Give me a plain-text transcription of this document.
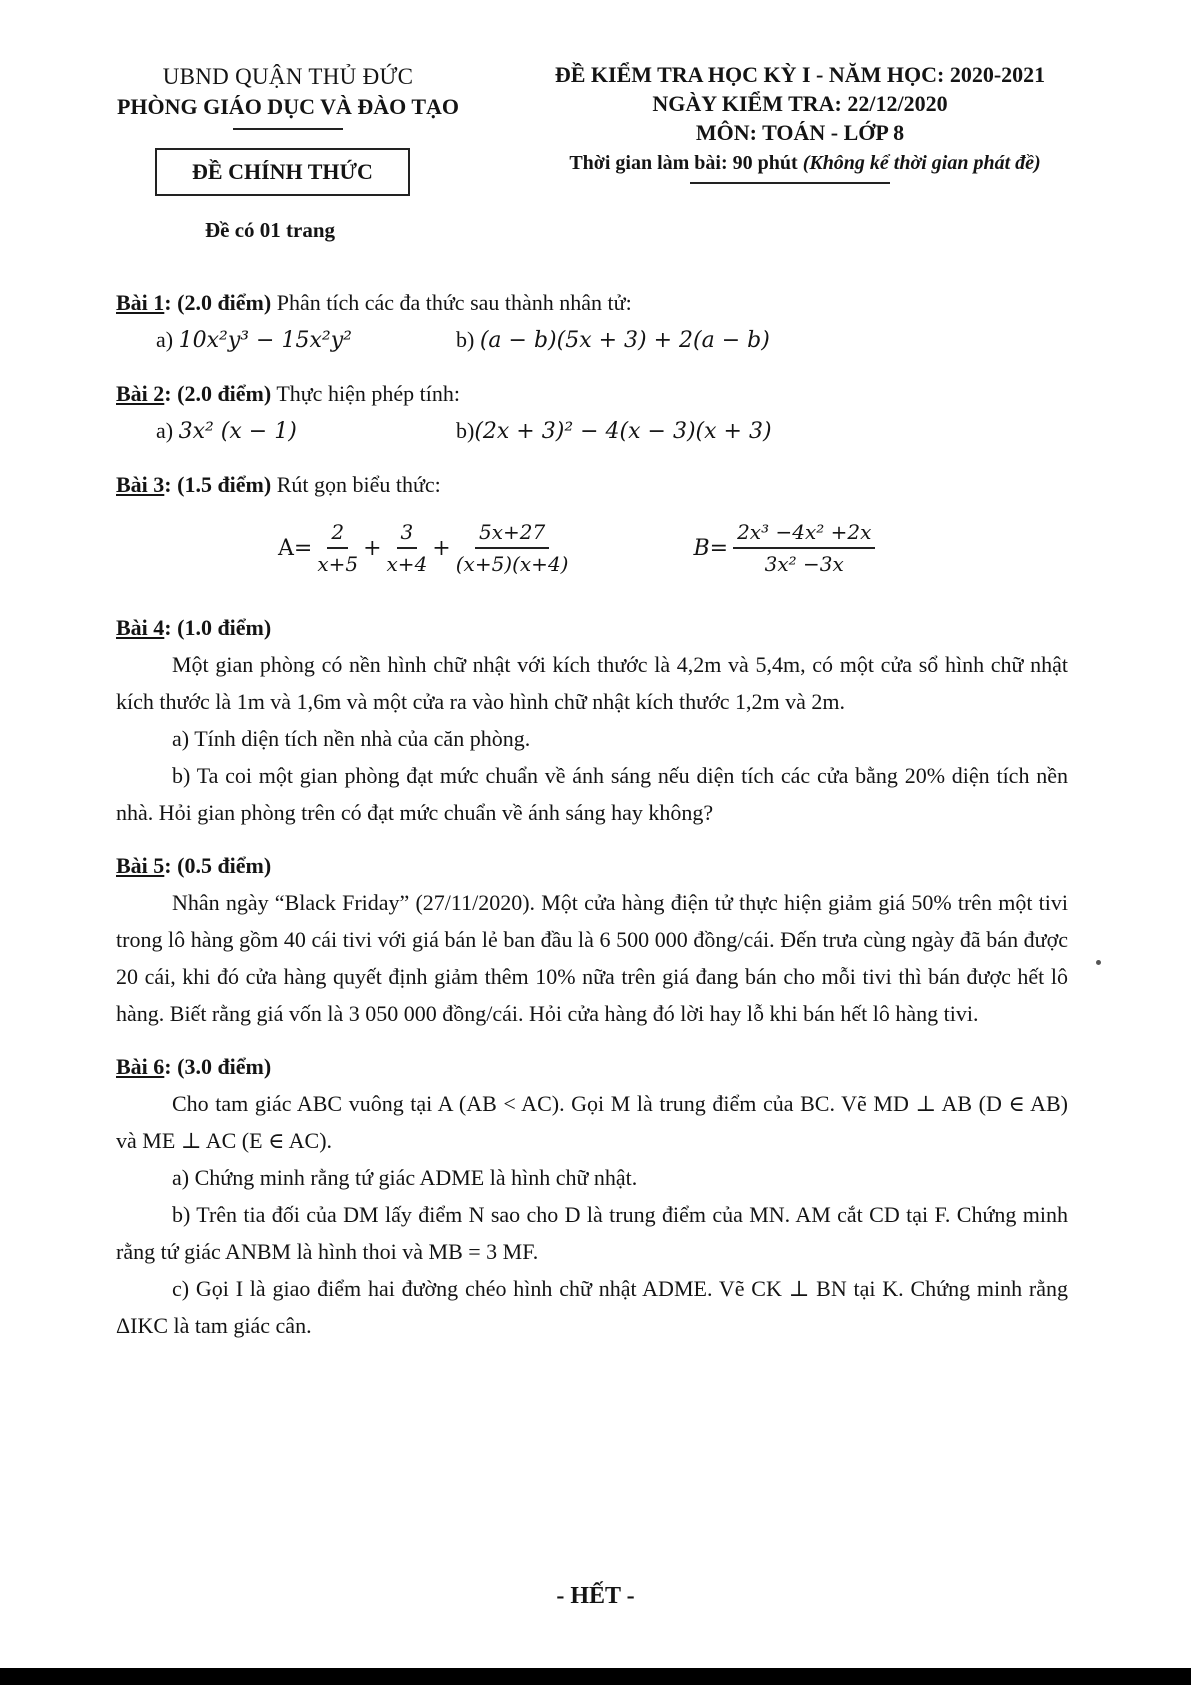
UBND QUẬN THỦ ĐỨC
PHÒNG GIÁO DỤC VÀ ĐÀO TẠO
ĐỀ CHÍNH THỨC
Đề có 01 trang
ĐỀ KIỂM TRA HỌC KỲ I - NĂM HỌC: 2020-2021
NGÀY KIỂM TRA: 22/12/2020
MÔN: TOÁN - LỚP 8
Thời gian làm bài: 90 phút (Không kể thời gian phát đề)
Bài 1: (2.0 điểm) Phân tích các đa thức sau thành nhân tử:
a) 10x²y³ − 15x²y²	b) (a − b)(5x + 3) + 2(a − b)
Bài 2: (2.0 điểm) Thực hiện phép tính:
a) 3x² (x − 1)	b)(2x + 3)² − 4(x − 3)(x + 3)
Bài 3: (1.5 điểm) Rút gọn biểu thức:
$A= \frac{2}{x+5} + \frac{3}{x+4} + \frac{5x+27}{(x+5)(x+4)}$	$B= \frac{\text{2x³ −4x² +2x}}{\text{3x² −3x}}$
Bài 4: (1.0 điểm)
Một gian phòng có nền hình chữ nhật với kích thước là 4,2m và 5,4m, có một cửa sổ hình chữ nhật kích thước là 1m và 1,6m và một cửa ra vào hình chữ nhật kích thước 1,2m và 2m.
a) Tính diện tích nền nhà của căn phòng.
b) Ta coi một gian phòng đạt mức chuẩn về ánh sáng nếu diện tích các cửa bằng 20% diện tích nền nhà. Hỏi gian phòng trên có đạt mức chuẩn về ánh sáng hay không?
Bài 5: (0.5 điểm)
Nhân ngày “Black Friday” (27/11/2020). Một cửa hàng điện tử thực hiện giảm giá 50% trên một tivi trong lô hàng gồm 40 cái tivi với giá bán lẻ ban đầu là 6 500 000 đồng/cái. Đến trưa cùng ngày đã bán được 20 cái, khi đó cửa hàng quyết định giảm thêm 10% nữa trên giá đang bán cho mỗi tivi thì bán được hết lô hàng. Biết rằng giá vốn là 3 050 000 đồng/cái. Hỏi cửa hàng đó lời hay lỗ khi bán hết lô hàng tivi.
Bài 6: (3.0 điểm)
Cho tam giác ABC vuông tại A (AB < AC). Gọi M là trung điểm của BC. Vẽ MD ⊥ AB (D ∈ AB) và ME ⊥ AC (E ∈ AC).
a) Chứng minh rằng tứ giác ADME là hình chữ nhật.
b) Trên tia đối của DM lấy điểm N sao cho D là trung điểm của MN. AM cắt CD tại F. Chứng minh rằng tứ giác ANBM là hình thoi và MB = 3 MF.
c) Gọi I là giao điểm hai đường chéo hình chữ nhật ADME. Vẽ CK ⊥ BN tại K. Chứng minh rằng ΔIKC là tam giác cân.
- HẾT -
